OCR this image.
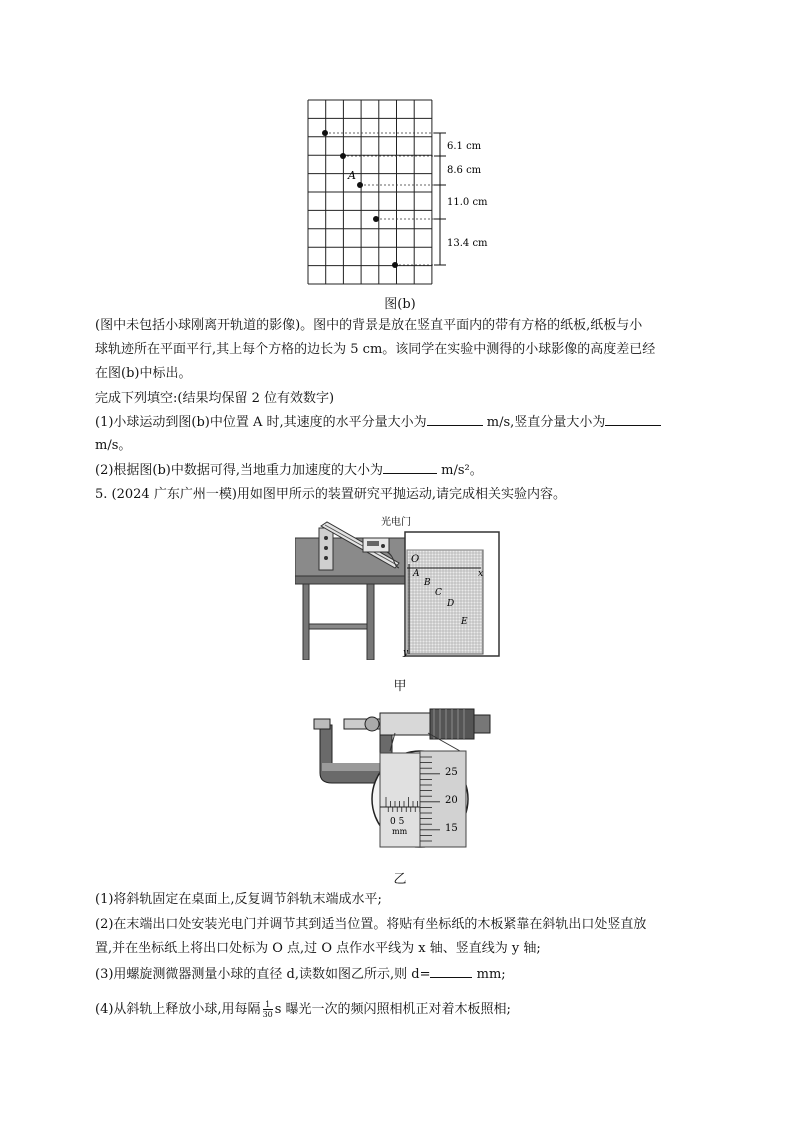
A
6.1 cm
8.6 cm
11.0 cm
13.4 cm
图(b)
(图中未包括小球刚离开轨道的影像)。图中的背景是放在竖直平面内的带有方格的纸板,纸板与小
球轨迹所在平面平行,其上每个方格的边长为 5 cm。该同学在实验中测得的小球影像的高度差已经
在图(b)中标出。
完成下列填空:(结果均保留 2 位有效数字)
(1)小球运动到图(b)中位置 A 时,其速度的水平分量大小为	m/s,竖直分量大小为
m/s。
(2)根据图(b)中数据可得,当地重力加速度的大小为	m/s²。
5. (2024 广东广州一模)用如图甲所示的装置研究平抛运动,请完成相关实验内容。
光电门
O
x
y
A
B
C
D
E
甲
25
20
15
0 5
mm
乙
(1)将斜轨固定在桌面上,反复调节斜轨末端成水平;
(2)在末端出口处安装光电门并调节其到适当位置。将贴有坐标纸的木板紧靠在斜轨出口处竖直放
置,并在坐标纸上将出口处标为 O 点,过 O 点作水平线为 x 轴、竖直线为 y 轴;
(3)用螺旋测微器测量小球的直径 d,读数如图乙所示,则 d=	mm;
(4)从斜轨上释放小球,用每隔 $\frac{1}{30}$ s 曝光一次的频闪照相机正对着木板照相;
